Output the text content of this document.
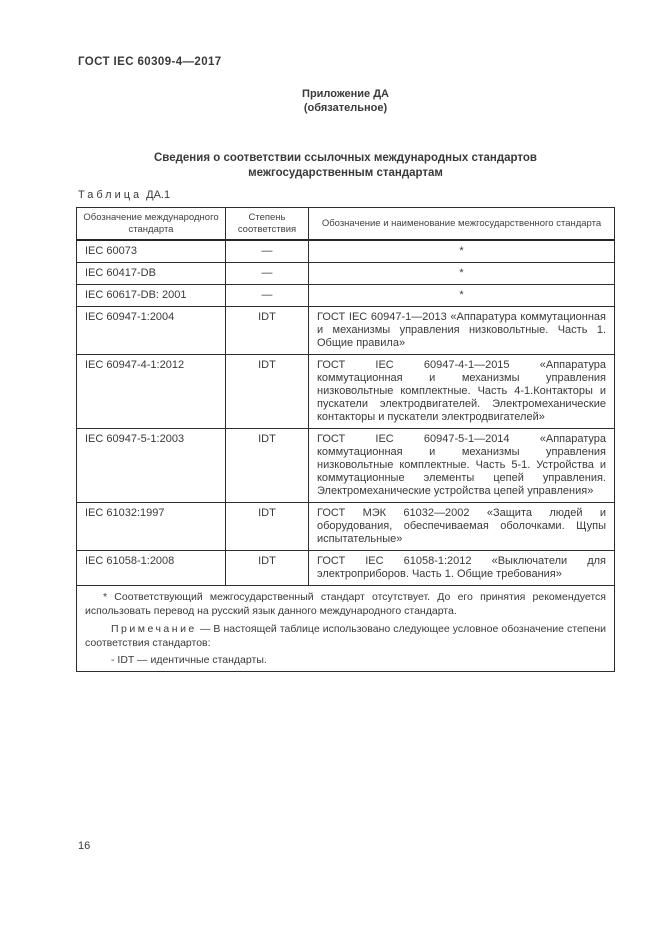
ГОСТ IEC 60309-4—2017
Приложение ДА
(обязательное)
Сведения о соответствии ссылочных международных стандартов
межгосударственным стандартам
Таблица ДА.1
Обозначение международного стандарта	Степень соответствия	Обозначение и наименование межгосударственного стандарта
IEC 60073	—	*
IEC 60417-DB	—	*
IEC 60617-DB: 2001	—	*
IEC 60947-1:2004	IDT	ГОСТ IEC 60947-1—2013 «Аппаратура коммутационная и механизмы управления низковольтные. Часть 1. Общие правила»
IEC 60947-4-1:2012	IDT	ГОСТ IEC 60947-4-1—2015 «Аппаратура коммутационная и механизмы управления низковольтные комплектные. Часть 4-1.Контакторы и пускатели электродвигателей. Электромеханические контакторы и пускатели электродвигателей»
IEC 60947-5-1:2003	IDT	ГОСТ IEC 60947-5-1—2014 «Аппаратура коммутационная и механизмы управления низковольтные комплектные. Часть 5-1. Устройства и коммутационные элементы цепей управления. Электромеханические устройства цепей управления»
IEC 61032:1997	IDT	ГОСТ МЭК 61032—2002 «Защита людей и оборудования, обеспечиваемая оболочками. Щупы испытательные»
IEC 61058-1:2008	IDT	ГОСТ IEC 61058-1:2012 «Выключатели для электроприборов. Часть 1. Общие требования»

* Соответствующий межгосударственный стандарт отсутствует. До его принятия рекомендуется использовать перевод на русский язык данного международного стандарта.

Примечание — В настоящей таблице использовано следующее условное обозначение степени соответствия стандартов:

- IDT — идентичные стандарты.		

16
